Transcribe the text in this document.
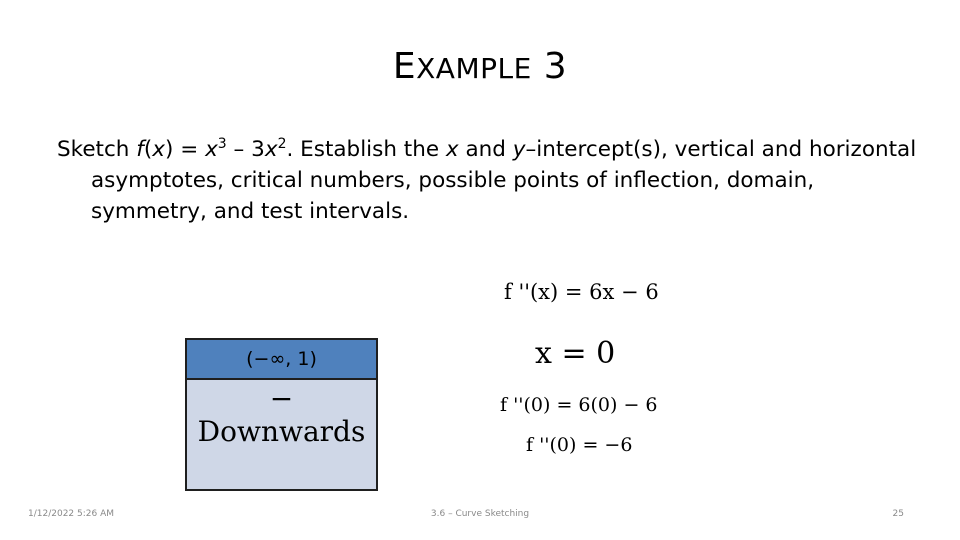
EXAMPLE 3
Sketch $f(x) = x^3 - 3x^2$. Establish the x and y–intercept(s), vertical and horizontal asymptotes, critical numbers, possible points of inflection, domain, symmetry, and test intervals.
f ''(x) = 6x − 6
x = 0
f ''(0) = 6(0) − 6
f ''(0) = −6
(−∞, 1)
−
Downwards
1/12/2022 5:26 AM	3.6 – Curve Sketching	25
